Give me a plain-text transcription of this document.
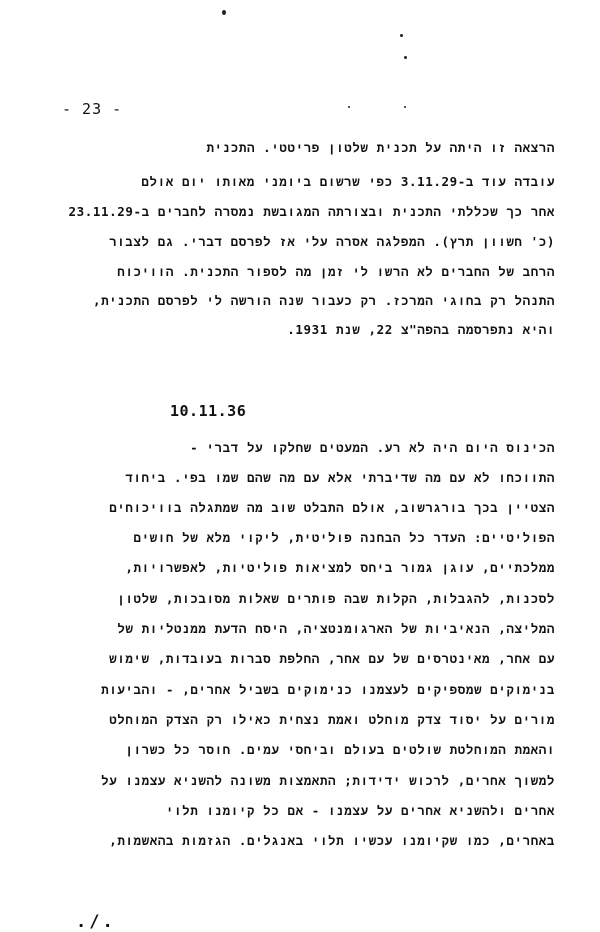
- 23 -
הרצאה זו היתה על תכנית שלטון פריטטי. התכנית
עובדה עוד ב-3.11.29 כפי שרשום ביומני מאותו יום אולם
אחר כך שכללתי התכנית ובצורתה המגובשת נמסרה לחברים ב-23.11.29
(כ' חשוון תרץ). המפלגה אסרה עלי אז לפרסם דברי. גם לצבור
הרחב של החברים לא הרשו לי זמן מה לספור התכנית. הוויכוח
התנהל רק בחוגי המרכז. רק כעבור שנה הורשה לי לפרסם התכנית,
והיא נתפרסמה בהפה"צ 22, שנת 1931.
10.11.36
הכינוס היום היה לא רע. המעטים שחלקו על דברי -
התווכחו לא עם מה שדיברתי אלא עם מה שהם שמו בפי. ביחוד
הצטיין בכך בורגרשוב, אולם התבלט שוב מה שמתגלה בוויכוחים
הפוליטיים: העדר כל הבחנה פוליטית, ליקוי מלא של חושים
ממלכתיים, עוגן גמור ביחס למציאות פוליטיות, לאפשרויות,
לסכנות, להגבלות, הקלות שבה פותרים שאלות מסובכות, שלטון
המליצה, הנאיביות של הארגומנטציה, היסח הדעת ממנטליות של
עם אחר, מאינטרסים של עם אחר, החלפת סברות בעובדות, שימוש
בנימוקים שמספיקים לעצמנו כנימוקים בשביל אחרים, - והביעות
מורים על יסוד צדק מוחלט ואמת נצחית כאילו רק הצדק המוחלט
והאמת המוחלטת שולטים בעולם וביחסי עמים. חוסר כל כשרון
למשוך אחרים, לרכוש ידידות; התאמצות משונה להשניא עצמנו על
אחרים ולהשניא אחרים על עצמנו - אם כל קיומנו תלוי
באחרים, כמו שקיומנו עכשיו תלוי באנגלים. הגזמות בהאשמות,
./.
